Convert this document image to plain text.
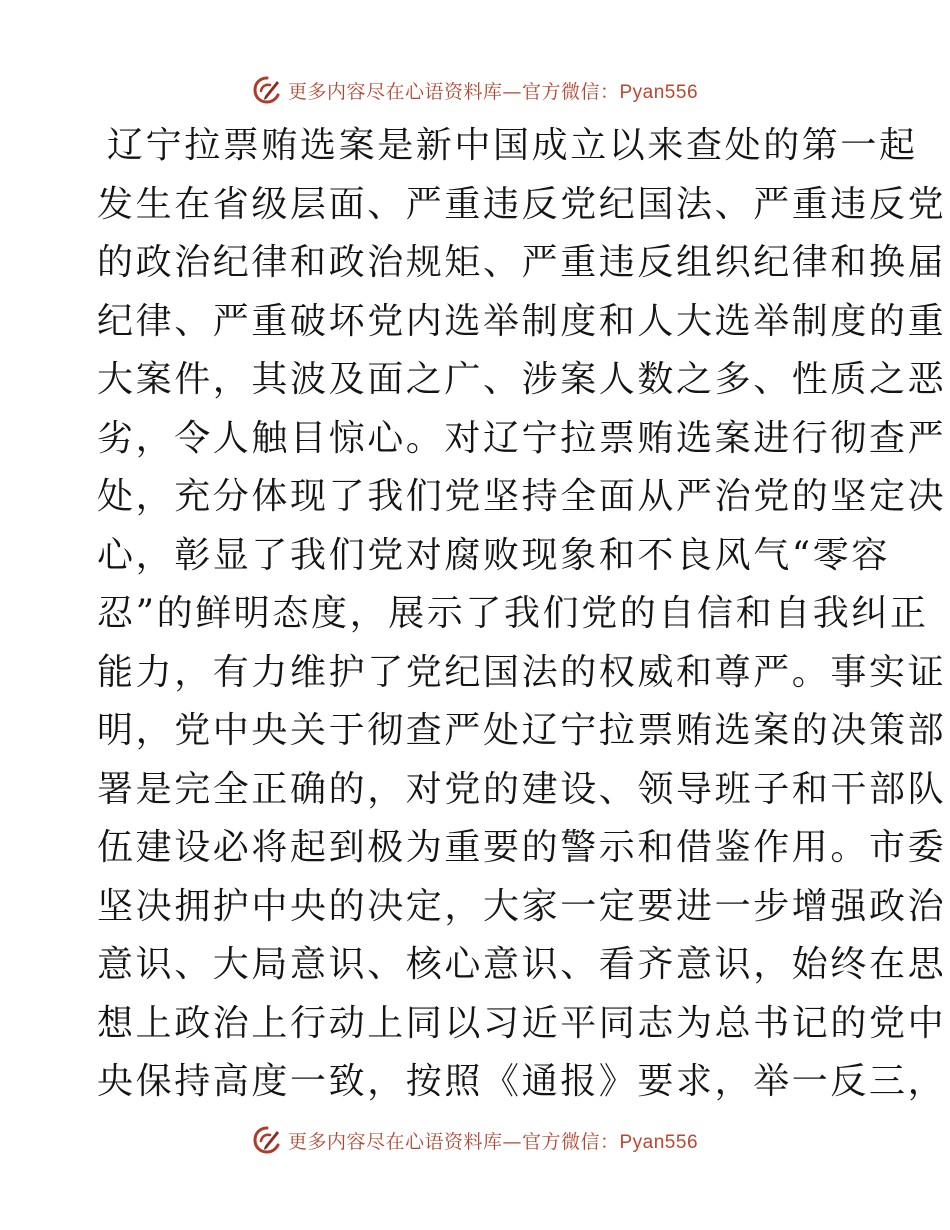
更多内容尽在心语资料库—官方微信：Pyan556
辽宁拉票贿选案是新中国成立以来查处的第一起
发生在省级层面、严重违反党纪国法、严重违反党
的政治纪律和政治规矩、严重违反组织纪律和换届
纪律、严重破坏党内选举制度和人大选举制度的重
大案件，其波及面之广、涉案人数之多、性质之恶
劣，令人触目惊心。对辽宁拉票贿选案进行彻查严
处，充分体现了我们党坚持全面从严治党的坚定决
心，彰显了我们党对腐败现象和不良风气“零容
忍”的鲜明态度，展示了我们党的自信和自我纠正
能力，有力维护了党纪国法的权威和尊严。事实证
明，党中央关于彻查严处辽宁拉票贿选案的决策部
署是完全正确的，对党的建设、领导班子和干部队
伍建设必将起到极为重要的警示和借鉴作用。市委
坚决拥护中央的决定，大家一定要进一步增强政治
意识、大局意识、核心意识、看齐意识，始终在思
想上政治上行动上同以习近平同志为总书记的党中
央保持高度一致，按照《通报》要求，举一反三，
更多内容尽在心语资料库—官方微信：Pyan556
